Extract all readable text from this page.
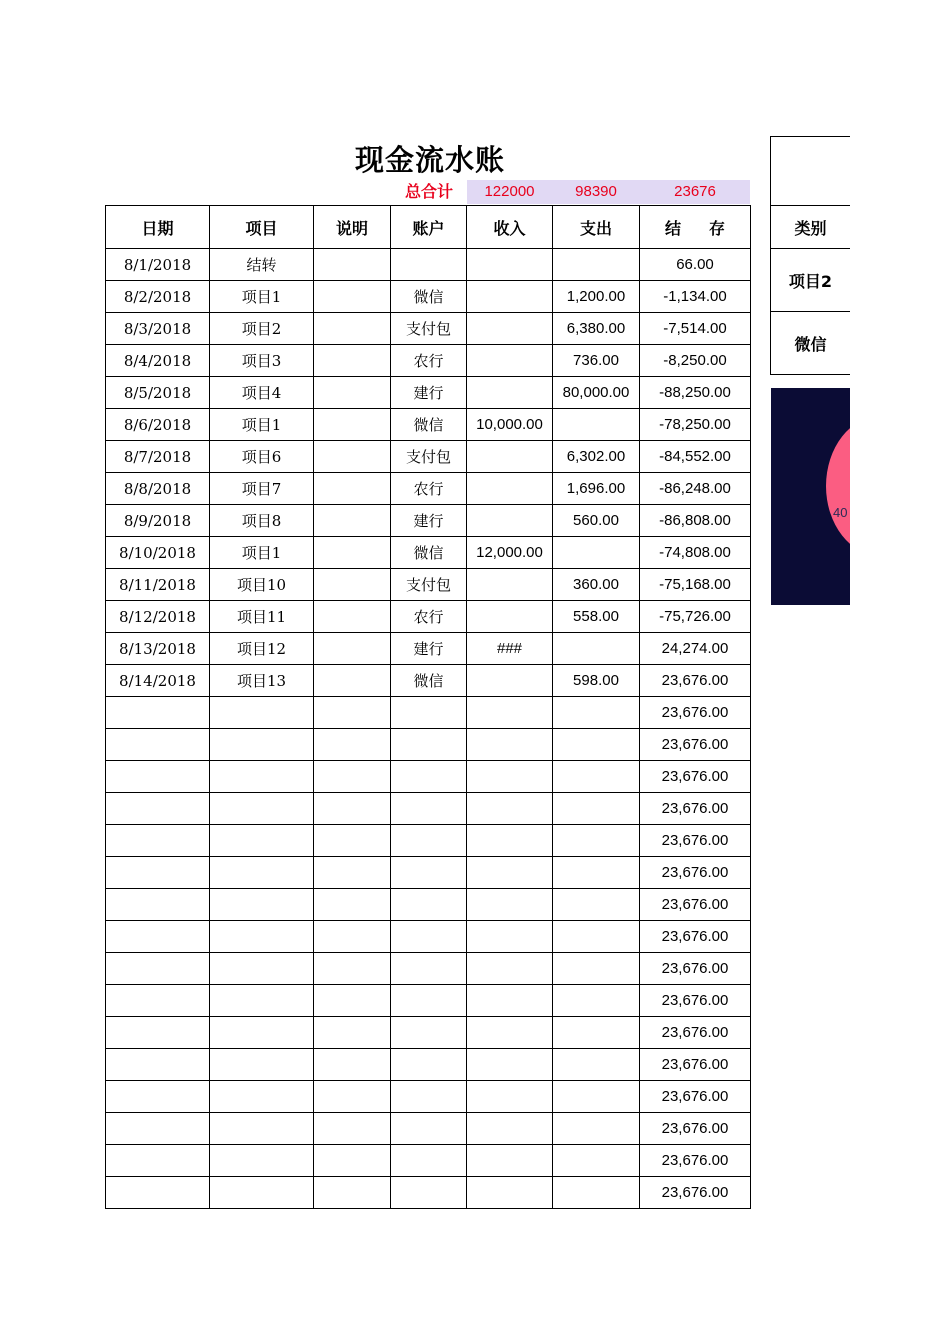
现金流水账
总合计	122000	98390	23676
日期	项目	说明	账户	收入	支出	结 存
8/1/2018	结转					66.00
8/2/2018	项目1		微信		1,200.00	-1,134.00
8/3/2018	项目2		支付包		6,380.00	-7,514.00
8/4/2018	项目3		农行		736.00	-8,250.00
8/5/2018	项目4		建行		80,000.00	-88,250.00
8/6/2018	项目1		微信	10,000.00		-78,250.00
8/7/2018	项目6		支付包		6,302.00	-84,552.00
8/8/2018	项目7		农行		1,696.00	-86,248.00
8/9/2018	项目8		建行		560.00	-86,808.00
8/10/2018	项目1		微信	12,000.00		-74,808.00
8/11/2018	项目10		支付包		360.00	-75,168.00
8/12/2018	项目11		农行		558.00	-75,726.00
8/13/2018	项目12		建行	###		24,274.00
8/14/2018	项目13		微信		598.00	23,676.00
						23,676.00
						23,676.00
						23,676.00
						23,676.00
						23,676.00
						23,676.00
						23,676.00
						23,676.00
						23,676.00
						23,676.00
						23,676.00
						23,676.00
						23,676.00
						23,676.00
						23,676.00
						23,676.00
类别
项目2
微信
40
